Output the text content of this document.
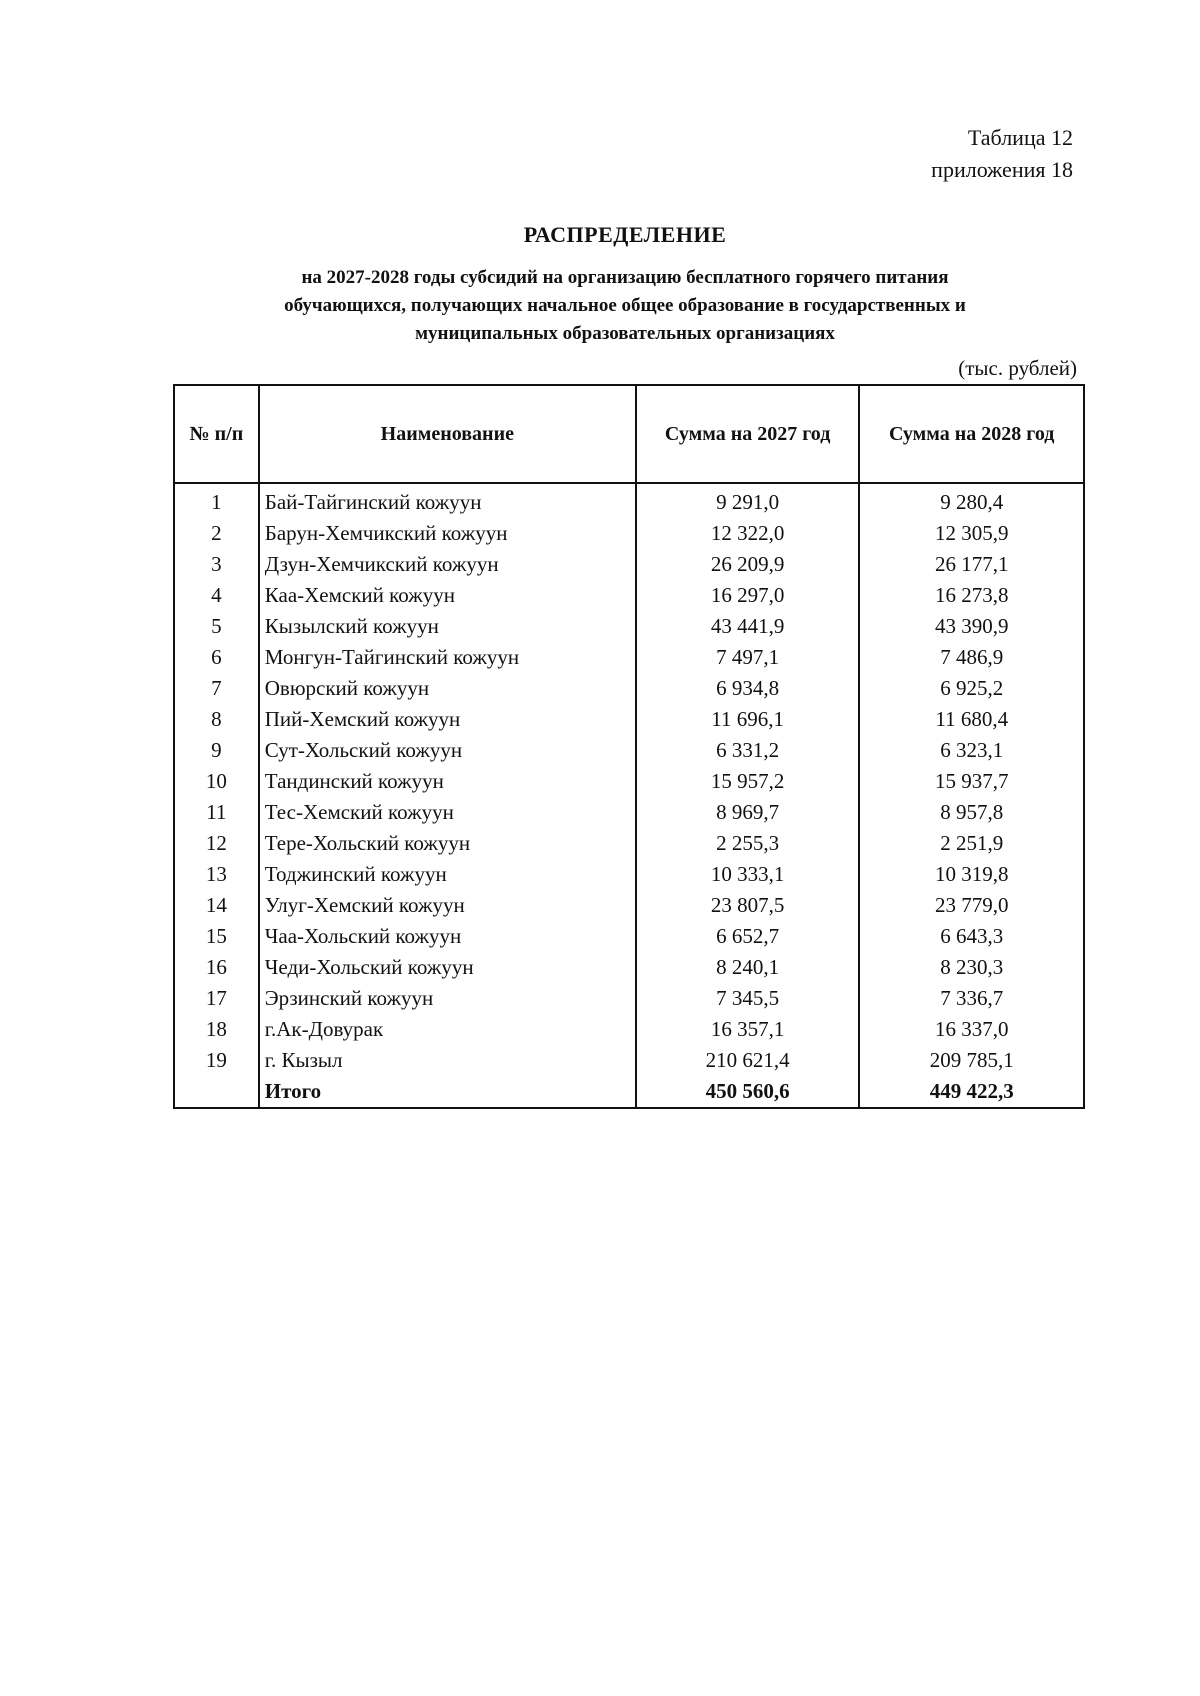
Таблица 12
приложения 18
РАСПРЕДЕЛЕНИЕ
на 2027-2028 годы субсидий на организацию бесплатного горячего питания
обучающихся, получающих начальное общее образование в государственных и
муниципальных образовательных организациях
(тыс. рублей)
№ п/п	Наименование	Сумма на 2027 год	Сумма на 2028 год
1	Бай-Тайгинский кожуун	9 291,0	9 280,4
2	Барун-Хемчикский кожуун	12 322,0	12 305,9
3	Дзун-Хемчикский кожуун	26 209,9	26 177,1
4	Каа-Хемский кожуун	16 297,0	16 273,8
5	Кызылский кожуун	43 441,9	43 390,9
6	Монгун-Тайгинский кожуун	7 497,1	7 486,9
7	Овюрский кожуун	6 934,8	6 925,2
8	Пий-Хемский кожуун	11 696,1	11 680,4
9	Сут-Хольский кожуун	6 331,2	6 323,1
10	Тандинский кожуун	15 957,2	15 937,7
11	Тес-Хемский кожуун	8 969,7	8 957,8
12	Тере-Хольский кожуун	2 255,3	2 251,9
13	Тоджинский кожуун	10 333,1	10 319,8
14	Улуг-Хемский кожуун	23 807,5	23 779,0
15	Чаа-Хольский кожуун	6 652,7	6 643,3
16	Чеди-Хольский кожуун	8 240,1	8 230,3
17	Эрзинский кожуун	7 345,5	7 336,7
18	г.Ак-Довурак	16 357,1	16 337,0
19	г. Кызыл	210 621,4	209 785,1
	Итого	450 560,6	449 422,3
